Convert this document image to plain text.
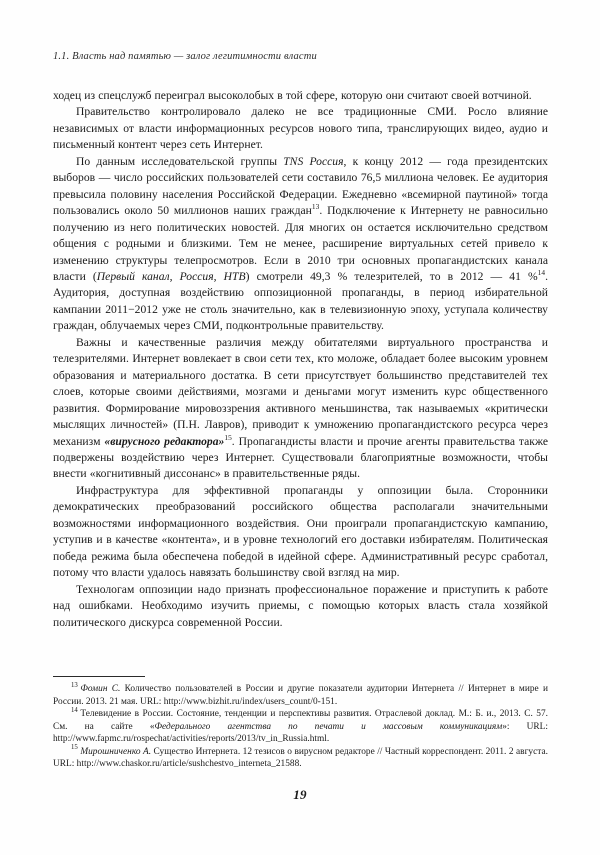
1.1. Власть над памятью — залог легитимности власти

ходец из спецслужб переиграл высоколобых в той сфере, которую они считают своей вотчиной.

Правительство контролировало далеко не все традиционные СМИ. Росло влияние независимых от власти информационных ресурсов нового типа, транслирующих видео, аудио и письменный контент через сеть Интернет.

По данным исследовательской группы TNS Россия, к концу 2012 — года президентских выборов — число российских пользователей сети составило 76,5 миллиона человек. Ее аудитория превысила половину населения Российской Федерации. Ежедневно «всемирной паутиной» тогда пользовались около 50 миллионов наших граждан$^{13}$. Подключение к Интернету не равносильно получению из него политических новостей. Для многих он остается исключительно средством общения с родными и близкими. Тем не менее, расширение виртуальных сетей привело к изменению структуры телепросмотров. Если в 2010 три основных пропагандистских канала власти (Первый канал, Россия, НТВ) смотрели 49,3 % телезрителей, то в 2012 — 41 %$^{14}$. Аудитория, доступная воздействию оппозиционной пропаганды, в период избирательной кампании 2011−2012 уже не столь значительно, как в телевизионную эпоху, уступала количеству граждан, облучаемых через СМИ, подконтрольные правительству.

Важны и качественные различия между обитателями виртуального пространства и телезрителями. Интернет вовлекает в свои сети тех, кто моложе, обладает более высоким уровнем образования и материального достатка. В сети присутствует большинство представителей тех слоев, которые своими действиями, мозгами и деньгами могут изменить курс общественного развития. Формирование мировоззрения активного меньшинства, так называемых «критически мыслящих личностей» (П.Н. Лавров), приводит к умножению пропагандистского ресурса через механизм «вирусного редактора»$^{15}$. Пропагандисты власти и прочие агенты правительства также подвержены воздействию через Интернет. Существовали благоприятные возможности, чтобы внести «когнитивный диссонанс» в правительственные ряды.

Инфраструктура для эффективной пропаганды у оппозиции была. Сторонники демократических преобразований российского общества располагали значительными возможностями информационного воздействия. Они проиграли пропагандистскую кампанию, уступив и в качестве «контента», и в уровне технологий его доставки избирателям. Политическая победа режима была обеспечена победой в идейной сфере. Административный ресурс сработал, потому что власти удалось навязать большинству свой взгляд на мир.

Технологам оппозиции надо признать профессиональное поражение и приступить к работе над ошибками. Необходимо изучить приемы, с помощью которых власть стала хозяйкой политического дискурса современной России.

$^{13}$ Фомин С. Количество пользователей в России и другие показатели аудитории Интернета // Интернет в мире и России. 2013. 21 мая. URL: http://www.bizhit.ru/index/users_count/0-151.

$^{14}$ Телевидение в России. Состояние, тенденции и перспективы развития. Отраслевой доклад. М.: Б. и., 2013. С. 57. См. на сайте «Федерального агентства по печати и массовым коммуникациям»: URL: http://www.fapmc.ru/rospechat/activities/reports/2013/tv_in_Russia.html.

$^{15}$ Мирошниченко А. Существо Интернета. 12 тезисов о вирусном редакторе // Частный корреспондент. 2011. 2 августа. URL: http://www.chaskor.ru/article/sushchestvo_interneta_21588.

19
